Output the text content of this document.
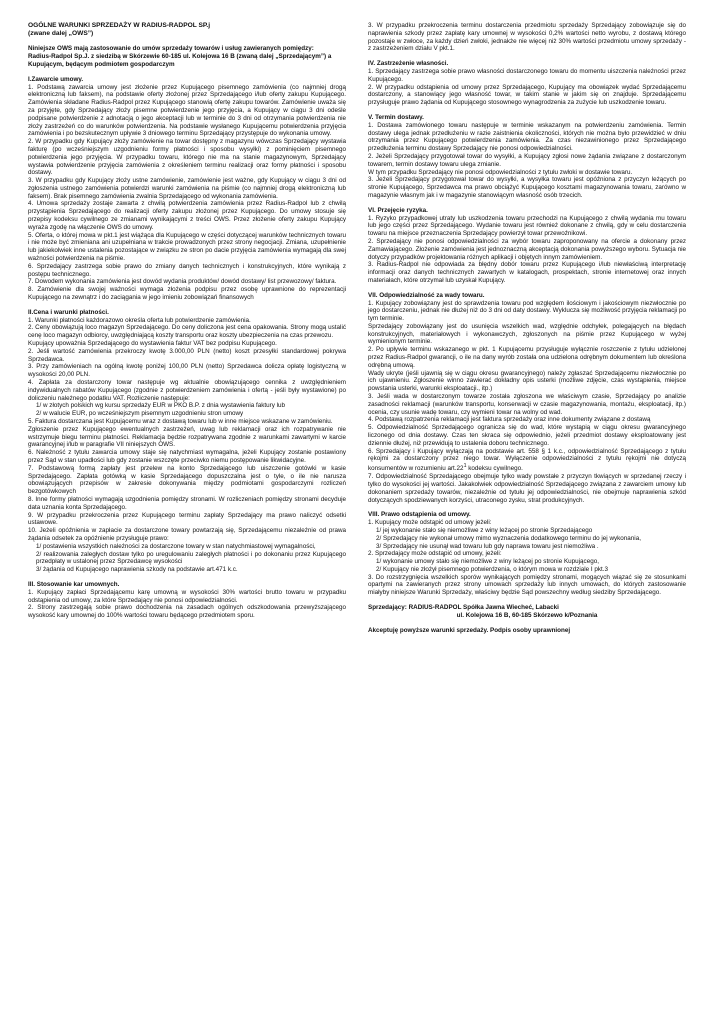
OGÓLNE WARUNKI SPRZEDAŻY W RADIUS-RADPOL SP.j

(zwane dalej „OWS”)

Niniejsze OWS mają zastosowanie do umów sprzedaży towarów i usług zawieranych pomiędzy:

Radius-Radpol Sp.J. z siedzibą w Skórzewie 60-185 ul. Kolejowa 16 B (zwaną dalej „Sprzedającym”) a Kupującym, będącym podmiotem gospodarczym

I.Zawarcie umowy.

1. Podstawą zawarcia umowy jest złożenie przez Kupującego pisemnego zamówienia (co najmniej drogą elektroniczną lub faksem), na podstawie oferty złożonej przez Sprzedającego i/lub oferty zakupu Kupującego. Zamówienia składane Radius-Radpol przez Kupującego stanowią ofertę zakupu towarów. Zamówienie uważa się za przyjęte, gdy Sprzedający złoży pisemne potwierdzenie jego przyjęcia, a Kupujący w ciągu 3 dni odeśle podpisane potwierdzenie z adnotacją o jego akceptacji lub w terminie do 3 dni od otrzymania potwierdzenia nie złoży zastrzeżeń co do warunków potwierdzenia. Na podstawie wysłanego Kupującemu potwierdzenia przyjęcia zamówienia i po bezskutecznym upływie 3 dniowego terminu Sprzedający przystępuje do wykonania umowy.

2. W przypadku gdy Kupujący złoży zamówienie na towar dostępny z magazynu wówczas Sprzedający wystawia fakturę (po wcześniejszym uzgodnieniu formy płatności i sposobu wysyłki) z pominięciem pisemnego potwierdzenia jego przyjęcia. W przypadku towaru, którego nie ma na stanie magazynowym, Sprzedający wystawia potwierdzenie przyjęcia zamówienia z określeniem terminu realizacji oraz formy płatności i sposobu dostawy.

3. W przypadku gdy Kupujący złoży ustne zamówienie, zamówienie jest ważne, gdy Kupujący w ciągu 3 dni od zgłoszenia ustnego zamówienia potwierdzi warunki zamówienia na piśmie (co najmniej drogą elektroniczną lub faksem). Brak pisemnego zamówienia zwalnia Sprzedającego od wykonania zamówienia.

4. Umowa sprzedaży zostaje zawarta z chwilą potwierdzenia zamówienia przez Radius-Radpol lub z chwilą przystąpienia Sprzedającego do realizacji oferty zakupu złożonej przez Kupującego. Do umowy stosuje się przepisy kodeksu cywilnego ze zmianami wynikającymi z treści OWS. Przez złożenie oferty zakupu Kupujący wyraża zgodę na włączenie OWS do umowy.

5. Oferta, o której mowa w pkt.1 jest wiążąca dla Kupującego w części dotyczącej warunków technicznych towaru i nie może być zmieniana ani uzupełniana w trakcie prowadzonych przez strony negocjacji. Zmiana, uzupełnienie lub jakiekolwiek inne ustalenia pozostające w związku ze stron po dacie przyjęcia zamówienia wymagają dla swej ważności potwierdzenia na piśmie.

6. Sprzedający zastrzega sobie prawo do zmiany danych technicznych i konstrukcyjnych, które wynikają z postępu technicznego.

7. Dowodem wykonania zamówienia jest dowód wydania produktów/ dowód dostawy/ list przewozowy/ faktura.

8. Zamówienie dla swojej ważności wymaga złożenia podpisu przez osobę uprawnione do reprezentacji Kupującego na zewnątrz i do zaciągania w jego imieniu zobowiązań finansowych

II.Cena i warunki płatności.

1. Warunki płatności każdorazowo określa oferta lub potwierdzenie zamówienia.

2. Ceny obowiązują loco magazyn Sprzedającego. Do ceny doliczona jest cena opakowania. Strony mogą ustalić cenę loco magazyn odbiorcy, uwzględniającą koszty transportu oraz koszty ubezpieczenia na czas przewozu.

Kupujący upoważnia Sprzedającego do wystawienia faktur VAT bez podpisu Kupującego.

2. Jeśli wartość zamówienia przekroczy kwotę 3.000,00 PLN (netto) koszt przesyłki standardowej pokrywa Sprzedawca.

3. Przy zamówieniach na ogólną kwotę poniżej 100,00 PLN (netto) Sprzedawca dolicza opłatę logistyczną w wysokości 20,00 PLN.

4. Zapłata za dostarczony towar następuje wg aktualnie obowiązującego cennika z uwzględnieniem indywidualnych rabatów Kupującego (zgodnie z potwierdzeniem zamówienia i ofertą - jeśli były wystawione) po doliczeniu należnego podatku VAT. Rozliczenie następuje:

1/ w złotych polskich wg kursu sprzedaży EUR w PKO B.P. z dnia wystawienia faktury lub

2/ w walucie EUR, po wcześniejszym pisemnym uzgodnieniu stron umowy

5. Faktura dostarczana jest Kupującemu wraz z dostawą towaru lub w inne miejsce wskazane w zamówieniu.

Zgłoszenie przez Kupującego ewentualnych zastrzeżeń, uwag lub reklamacji oraz ich rozpatrywanie nie wstrzymuje biegu terminu płatności. Reklamacja będzie rozpatrywana zgodnie z warunkami zawartymi w karcie gwarancyjnej i/lub w paragrafie VII niniejszych OWS.

6. Należność z tytułu zawarcia umowy staje się natychmiast wymagalna, jeżeli Kupujący zostanie postawiony przez Sąd w stan upadłości lub gdy zostanie wszczęte przeciwko niemu postępowanie likwidacyjne.

7. Podstawową formą zapłaty jest przelew na konto Sprzedającego lub uiszczenie gotówki w kasie Sprzedającego. Zapłata gotówką w kasie Sprzedającego dopuszczalna jest o tyle, o ile nie narusza obowiązujących przepisów w zakresie dokonywania między podmiotami gospodarczymi rozliczeń bezgotówkowych

8. Inne formy płatności wymagają uzgodnienia pomiędzy stronami. W rozliczeniach pomiędzy stronami decyduje data uznania konta Sprzedającego.

9. W przypadku przekroczenia przez Kupującego terminu zapłaty Sprzedający ma prawo naliczyć odsetki ustawowe.

10. Jeżeli opóźnienia w zapłacie za dostarczone towary powtarzają się, Sprzedającemu niezależnie od prawa żądania odsetek za opóźnienie przysługuje prawo:

1/ postawienia wszystkich należności za dostarczone towary w stan natychmiastowej wymagalności,

2/ realizowania zaległych dostaw tylko po uregulowaniu zaległych płatności i po dokonaniu przez Kupującego przedpłaty w ustalonej przez Sprzedawcę wysokości

3/ żądania od Kupującego naprawienia szkody na podstawie art.471 k.c.

III. Stosowanie kar umownych.

1. Kupujący zapłaci Sprzedającemu karę umowną w wysokości 30% wartości brutto towaru w przypadku odstąpienia od umowy, za które Sprzedający nie ponosi odpowiedzialności.

2. Strony zastrzegają sobie prawo dochodzenia na zasadach ogólnych odszkodowania przewyższającego wysokość kary umownej do 100% wartości towaru będącego przedmiotem sporu.

3. W przypadku przekroczenia terminu dostarczenia przedmiotu sprzedaży Sprzedający zobowiązuje się do naprawienia szkody przez zapłatę kary umownej w wysokości 0,2% wartości netto wyrobu, z dostawą którego pozostaje w zwłoce, za każdy dzień zwłoki, jednakże nie więcej niż 30% wartości przedmiotu umowy sprzedaży - z zastrzeżeniem działu V pkt.1.

IV. Zastrzeżenie własności.

1. Sprzedający zastrzega sobie prawo własności dostarczonego towaru do momentu uiszczenia należności przez Kupującego.

2. W przypadku odstąpienia od umowy przez Sprzedającego, Kupujący ma obowiązek wydać Sprzedającemu dostarczony, a stanowiący jego własność towar, w takim stanie w jakim się on znajduje. Sprzedającemu przysługuje prawo żądania od Kupującego stosownego wynagrodzenia za zużycie lub uszkodzenie towaru.

V. Termin dostawy.

1. Dostawa zamówionego towaru następuje w terminie wskazanym na potwierdzeniu zamówienia. Termin dostawy ulega jednak przedłużeniu w razie zaistnienia okoliczności, których nie można było przewidzieć w dniu otrzymania przez Kupującego potwierdzenia zamówienia. Za czas niezawinionego przez Sprzedającego przedłużenia terminu dostawy Sprzedający nie ponosi odpowiedzialności.

2. Jeżeli Sprzedający przygotował towar do wysyłki, a Kupujący zgłosi nowe żądania związane z dostarczonym towarem, termin dostawy towaru ulega zmianie.

W tym przypadku Sprzedający nie ponosi odpowiedzialności z tytułu zwłoki w dostawie towaru.

3. Jeżeli Sprzedający przygotował towar do wysyłki, a wysyłka towaru jest opóźniona z przyczyn leżących po stronie Kupującego, Sprzedawca ma prawo obciążyć Kupującego kosztami magazynowania towaru, zarówno w magazynie własnym jak i w magazynie stanowiącym własność osób trzecich.

VI. Przejęcie ryzyka.

1. Ryzyko przypadkowej utraty lub uszkodzenia towaru przechodzi na Kupującego z chwilą wydania mu towaru lub jego części przez Sprzedającego. Wydanie towaru jest również dokonane z chwilą, gdy w celu dostarczenia towaru na miejsce przeznaczenia Sprzedający powierzył towar przewoźnikowi.

2. Sprzedający nie ponosi odpowiedzialności za wybór towaru zaproponowany na ofercie a dokonany przez Zamawiającego. Złożenie zamówienia jest jednoznaczną akceptacją dokonania powyższego wyboru. Sytuacja nie dotyczy przypadków projektowania różnych aplikacji i objętych innym zamówieniem.

3. Radius-Radpol nie odpowiada za błędny dobór towaru przez Kupującego i/lub niewłaściwą interpretację informacji oraz danych technicznych zawartych w katalogach, prospektach, stronie internetowej oraz innych materiałach, które otrzymał lub uzyskał Kupujący.

VII. Odpowiedzialność za wady towaru.

1. Kupujący zobowiązany jest do sprawdzenia towaru pod względem ilościowym i jakościowym niezwłocznie po jego dostarczeniu, jednak nie dłużej niż do 3 dni od daty dostawy. Wyklucza się możliwość przyjęcia reklamacji po tym terminie.

Sprzedający zobowiązany jest do usunięcia wszelkich wad, względnie odchyłek, polegających na błędach konstrukcyjnych, materiałowych i wykonawczych, zgłoszonych na piśmie przez Kupującego w wyżej wymienionym terminie.

2. Po upływie terminu wskazanego w pkt. 1 Kupującemu przysługuje wyłącznie roszczenie z tytułu udzielonej przez Radius-Radpol gwarancji, o ile na dany wyrób została ona udzielona odrębnym dokumentem lub określona odrębną umową.

Wady ukryte (jeśli ujawnią się w ciągu okresu gwarancyjnego) należy zgłaszać Sprzedającemu niezwłocznie po ich ujawnieniu. Zgłoszenie winno zawierać dokładny opis usterki (możliwe zdjęcie, czas wystąpienia, miejsce powstania usterki, warunki eksploatacji., itp.)

3. Jeśli wada w dostarczonym towarze została zgłoszona we właściwym czasie, Sprzedający po analizie zasadności reklamacji (warunków transportu, konserwacji w czasie magazynowania, montażu, eksploatacji, itp.) ocenia, czy usunie wadę towaru, czy wymieni towar na wolny od wad.

4. Podstawą rozpatrzenia reklamacji jest faktura sprzedaży oraz inne dokumenty związane z dostawą

5. Odpowiedzialność Sprzedającego ogranicza się do wad, które wystąpią w ciągu okresu gwarancyjnego liczonego od dnia dostawy. Czas ten skraca się odpowiednio, jeżeli przedmiot dostawy eksploatowany jest dziennie dłużej, niż przewidują to ustalenia doboru technicznego.

6. Sprzedający i Kupujący wyłączają na podstawie art. 558 § 1 k.c., odpowiedzialność Sprzedającego z tytułu rękojmi za dostarczony przez niego towar. Wyłączenie odpowiedzialności z tytułu rękojmi nie dotyczą konsumentów w rozumieniu $art.22^1$ kodeksu cywilnego.

7. Odpowiedzialność Sprzedającego obejmuje tylko wady powstałe z przyczyn tkwiących w sprzedanej rzeczy i tylko do wysokości jej wartości. Jakakolwiek odpowiedzialność Sprzedającego związana z zawarciem umowy lub dokonaniem sprzedaży towarów, niezależnie od tytułu jej odpowiedzialności, nie obejmuje naprawienia szkód dotyczących spodziewanych korzyści, utraconego zysku, strat produkcyjnych.

VIII. Prawo odstąpienia od umowy.

1. Kupujący może odstąpić od umowy jeżeli:

1/ jej wykonanie stało się niemożliwe z winy leżącej po stronie Sprzedającego

2/ Sprzedający nie wykonał umowy mimo wyznaczenia dodatkowego terminu do jej wykonania,

3/ Sprzedający nie usunął wad towaru lub gdy naprawa towaru jest niemożliwa .

2. Sprzedający może odstąpić od umowy, jeżeli:

1/ wykonanie umowy stało się niemożliwe z winy leżącej po stronie Kupującego,

2/ Kupujący nie złożył pisemnego potwierdzenia, o którym mowa w rozdziale I pkt.3

3. Do rozstrzygnięcia wszelkich sporów wynikających pomiędzy stronami, mogących wiązać się ze stosunkami opartymi na zawieranych przez strony umowach sprzedaży lub innych umowach, do których zastosowanie miałyby niniejsze Warunki Sprzedaży, właściwy będzie Sąd powszechny według siedziby Sprzedającego.

Sprzedający: RADIUS-RADPOL Spółka Jawna Wiecheć, Labacki

ul. Kolejowa 16 B, 60-185 Skórzewo k/Poznania

Akceptuję powyższe warunki sprzedaży. Podpis osoby uprawnionej
